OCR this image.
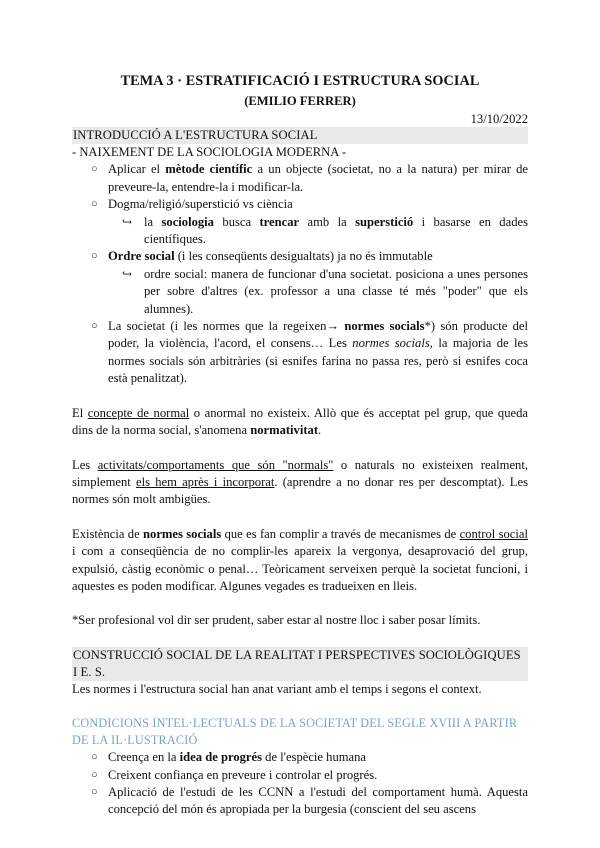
TEMA 3 · ESTRATIFICACIÓ I ESTRUCTURA SOCIAL
(EMILIO FERRER)
13/10/2022
INTRODUCCIÓ A L'ESTRUCTURA SOCIAL
- NAIXEMENT DE LA SOCIOLOGIA MODERNA -
○ Aplicar el mètode científic a un objecte (societat, no a la natura) per mirar de preveure-la, entendre-la i modificar-la.
○ Dogma/religió/superstició vs ciència
↪ la sociologia busca trencar amb la superstició i basarse en dades científiques.
○ Ordre social (i les conseqüents desigualtats) ja no és immutable
↪ ordre social: manera de funcionar d'una societat. posiciona a unes persones per sobre d'altres (ex. professor a una classe té més "poder" que els alumnes).
○ La societat (i les normes que la regeixen→ normes socials*) són producte del poder, la violència, l'acord, el consens… Les normes socials, la majoria de les normes socials són arbitràries (si esnifes farina no passa res, però si esnifes coca està penalitzat).

El concepte de normal o anormal no existeix. Allò que és acceptat pel grup, que queda dins de la norma social, s'anomena normativitat.

Les activitats/comportaments que són "normals" o naturals no existeixen realment, simplement els hem après i incorporat. (aprendre a no donar res per descomptat). Les normes són molt ambigües.

Existència de normes socials que es fan complir a través de mecanismes de control social i com a conseqüència de no complir-les apareix la vergonya, desaprovació del grup, expulsió, càstig econòmic o penal… Teòricament serveixen perquè la societat funcioni, i aquestes es poden modificar. Algunes vegades es tradueixen en lleis.

*Ser profesional vol dir ser prudent, saber estar al nostre lloc i saber posar límits.

CONSTRUCCIÓ SOCIAL DE LA REALITAT I PERSPECTIVES SOCIOLÒGIQUES I E. S.

Les normes i l'estructura social han anat variant amb el temps i segons el context.

CONDICIONS INTEL·LECTUALS DE LA SOCIETAT DEL SEGLE XVIII A PARTIR DE LA IL·LUSTRACIÓ
○ Creença en la idea de progrés de l'espècie humana
○ Creixent confiança en preveure i controlar el progrés.
○ Aplicació de l'estudi de les CCNN a l'estudi del comportament humà. Aquesta concepció del món és apropiada per la burgesia (conscient del seu ascens
